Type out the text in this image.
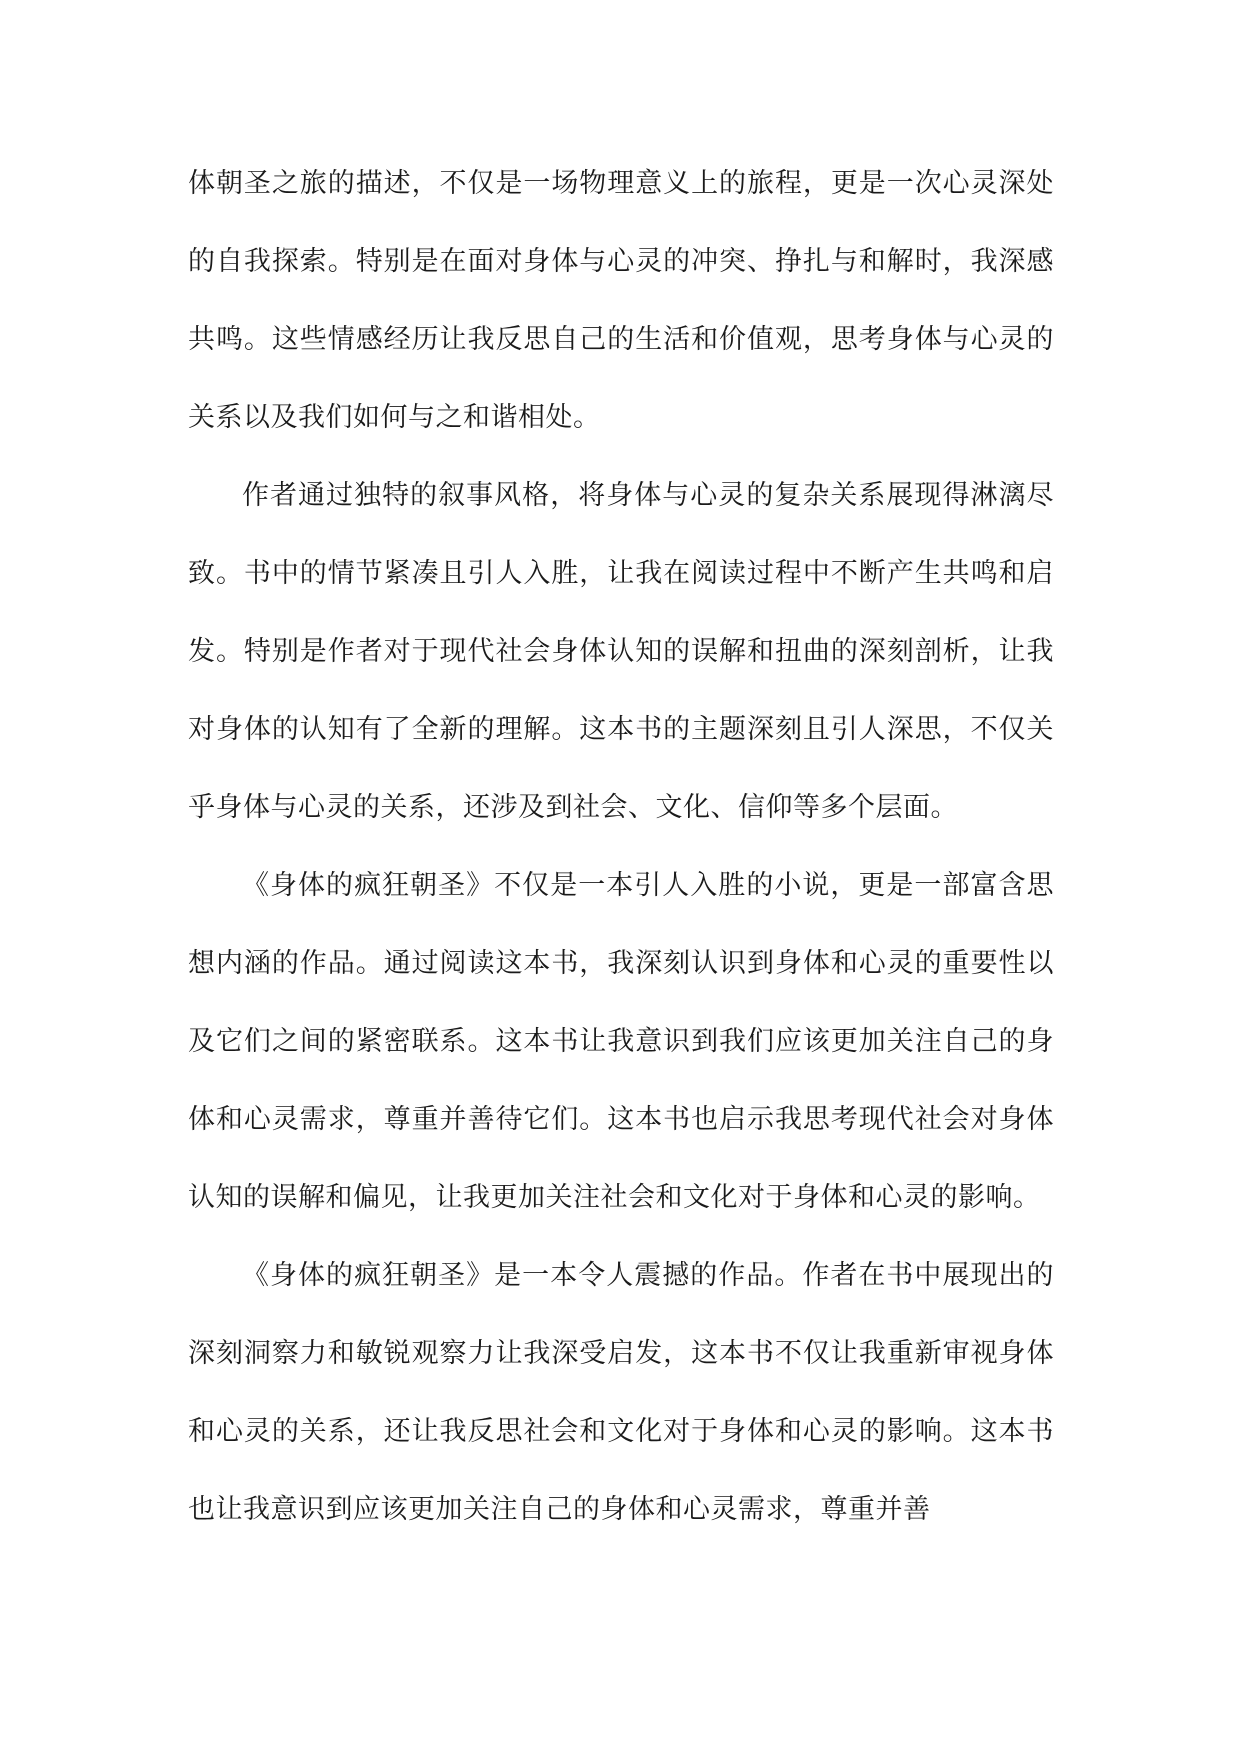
体朝圣之旅的描述，不仅是一场物理意义上的旅程，更是一次心灵深处的自我探索。特别是在面对身体与心灵的冲突、挣扎与和解时，我深感共鸣。这些情感经历让我反思自己的生活和价值观，思考身体与心灵的关系以及我们如何与之和谐相处。

作者通过独特的叙事风格，将身体与心灵的复杂关系展现得淋漓尽致。书中的情节紧凑且引人入胜，让我在阅读过程中不断产生共鸣和启发。特别是作者对于现代社会身体认知的误解和扭曲的深刻剖析，让我对身体的认知有了全新的理解。这本书的主题深刻且引人深思，不仅关乎身体与心灵的关系，还涉及到社会、文化、信仰等多个层面。

《身体的疯狂朝圣》不仅是一本引人入胜的小说，更是一部富含思想内涵的作品。通过阅读这本书，我深刻认识到身体和心灵的重要性以及它们之间的紧密联系。这本书让我意识到我们应该更加关注自己的身体和心灵需求，尊重并善待它们。这本书也启示我思考现代社会对身体认知的误解和偏见，让我更加关注社会和文化对于身体和心灵的影响。

《身体的疯狂朝圣》是一本令人震撼的作品。作者在书中展现出的深刻洞察力和敏锐观察力让我深受启发，这本书不仅让我重新审视身体和心灵的关系，还让我反思社会和文化对于身体和心灵的影响。这本书也让我意识到应该更加关注自己的身体和心灵需求，尊重并善
